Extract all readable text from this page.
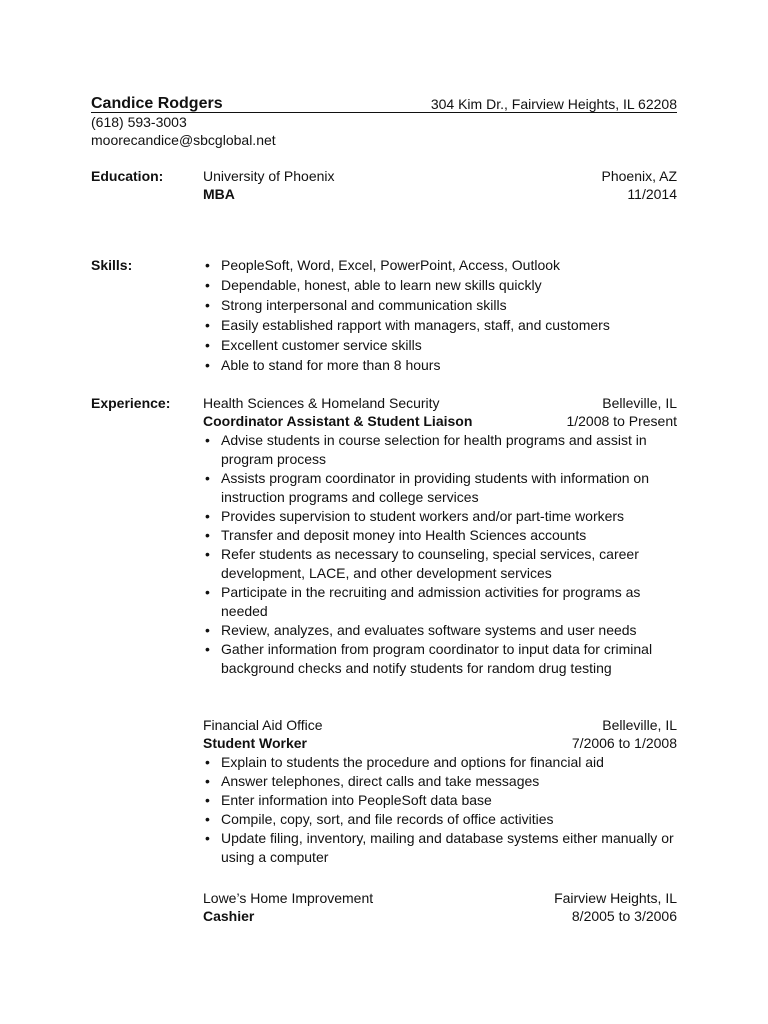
Candice Rodgers	304 Kim Dr., Fairview Heights, IL 62208
(618) 593-3003
moorecandice@sbcglobal.net
Education:	University of Phoenix	Phoenix, AZ
MBA	11/2014
Skills:	• PeopleSoft, Word, Excel, PowerPoint, Access, Outlook
• Dependable, honest, able to learn new skills quickly
• Strong interpersonal and communication skills
• Easily established rapport with managers, staff, and customers
• Excellent customer service skills
• Able to stand for more than 8 hours
Experience: Health Sciences & Homeland Security	Belleville, IL
Coordinator Assistant & Student Liaison	1/2008 to Present
• Advise students in course selection for health programs and assist in program process
• Assists program coordinator in providing students with information on instruction programs and college services
• Provides supervision to student workers and/or part-time workers
• Transfer and deposit money into Health Sciences accounts
• Refer students as necessary to counseling, special services, career development, LACE, and other development services
• Participate in the recruiting and admission activities for programs as needed
• Review, analyzes, and evaluates software systems and user needs
• Gather information from program coordinator to input data for criminal background checks and notify students for random drug testing
Financial Aid Office	Belleville, IL
Student Worker	7/2006 to 1/2008
• Explain to students the procedure and options for financial aid
• Answer telephones, direct calls and take messages
• Enter information into PeopleSoft data base
• Compile, copy, sort, and file records of office activities
• Update filing, inventory, mailing and database systems either manually or using a computer
Lowe’s Home Improvement	Fairview Heights, IL
Cashier	8/2005 to 3/2006
